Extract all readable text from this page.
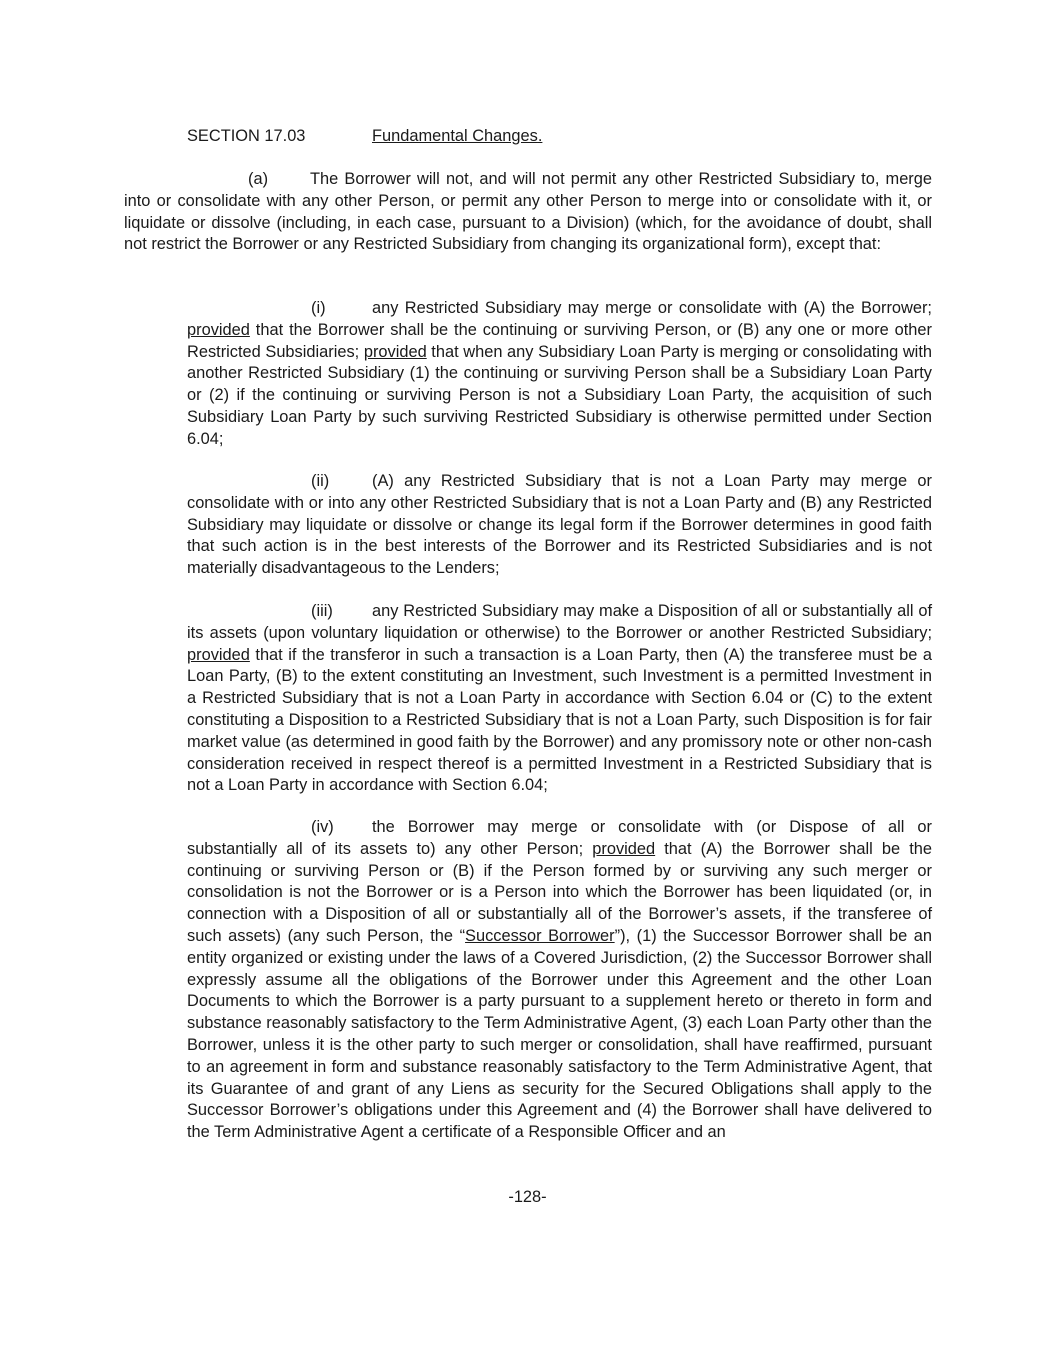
SECTION 17.03	Fundamental Changes.

(a)	The Borrower will not, and will not permit any other Restricted Subsidiary to, merge into or consolidate with any other Person, or permit any other Person to merge into or consolidate with it, or liquidate or dissolve (including, in each case, pursuant to a Division) (which, for the avoidance of doubt, shall not restrict the Borrower or any Restricted Subsidiary from changing its organizational form), except that:

(i)	any Restricted Subsidiary may merge or consolidate with (A) the Borrower; provided that the Borrower shall be the continuing or surviving Person, or (B) any one or more other Restricted Subsidiaries; provided that when any Subsidiary Loan Party is merging or consolidating with another Restricted Subsidiary (1) the continuing or surviving Person shall be a Subsidiary Loan Party or (2) if the continuing or surviving Person is not a Subsidiary Loan Party, the acquisition of such Subsidiary Loan Party by such surviving Restricted Subsidiary is otherwise permitted under Section 6.04;

(ii)	(A) any Restricted Subsidiary that is not a Loan Party may merge or consolidate with or into any other Restricted Subsidiary that is not a Loan Party and (B) any Restricted Subsidiary may liquidate or dissolve or change its legal form if the Borrower determines in good faith that such action is in the best interests of the Borrower and its Restricted Subsidiaries and is not materially disadvantageous to the Lenders;

(iii) any Restricted Subsidiary may make a Disposition of all or substantially all of its assets (upon voluntary liquidation or otherwise) to the Borrower or another Restricted Subsidiary; provided that if the transferor in such a transaction is a Loan Party, then (A) the transferee must be a Loan Party, (B) to the extent constituting an Investment, such Investment is a permitted Investment in a Restricted Subsidiary that is not a Loan Party in accordance with Section 6.04 or (C) to the extent constituting a Disposition to a Restricted Subsidiary that is not a Loan Party, such Disposition is for fair market value (as determined in good faith by the Borrower) and any promissory note or other non-cash consideration received in respect thereof is a permitted Investment in a Restricted Subsidiary that is not a Loan Party in accordance with Section 6.04;

(iv) the Borrower may merge or consolidate with (or Dispose of all or substantially all of its assets to) any other Person; provided that (A) the Borrower shall be the continuing or surviving Person or (B) if the Person formed by or surviving any such merger or consolidation is not the Borrower or is a Person into which the Borrower has been liquidated (or, in connection with a Disposition of all or substantially all of the Borrower’s assets, if the transferee of such assets) (any such Person, the “Successor Borrower”), (1) the Successor Borrower shall be an entity organized or existing under the laws of a Covered Jurisdiction, (2) the Successor Borrower shall expressly assume all the obligations of the Borrower under this Agreement and the other Loan Documents to which the Borrower is a party pursuant to a supplement hereto or thereto in form and substance reasonably satisfactory to the Term Administrative Agent, (3) each Loan Party other than the Borrower, unless it is the other party to such merger or consolidation, shall have reaffirmed, pursuant to an agreement in form and substance reasonably satisfactory to the Term Administrative Agent, that its Guarantee of and grant of any Liens as security for the Secured Obligations shall apply to the Successor Borrower’s obligations under this Agreement and (4) the Borrower shall have delivered to the Term Administrative Agent a certificate of a Responsible Officer and an

-128-
